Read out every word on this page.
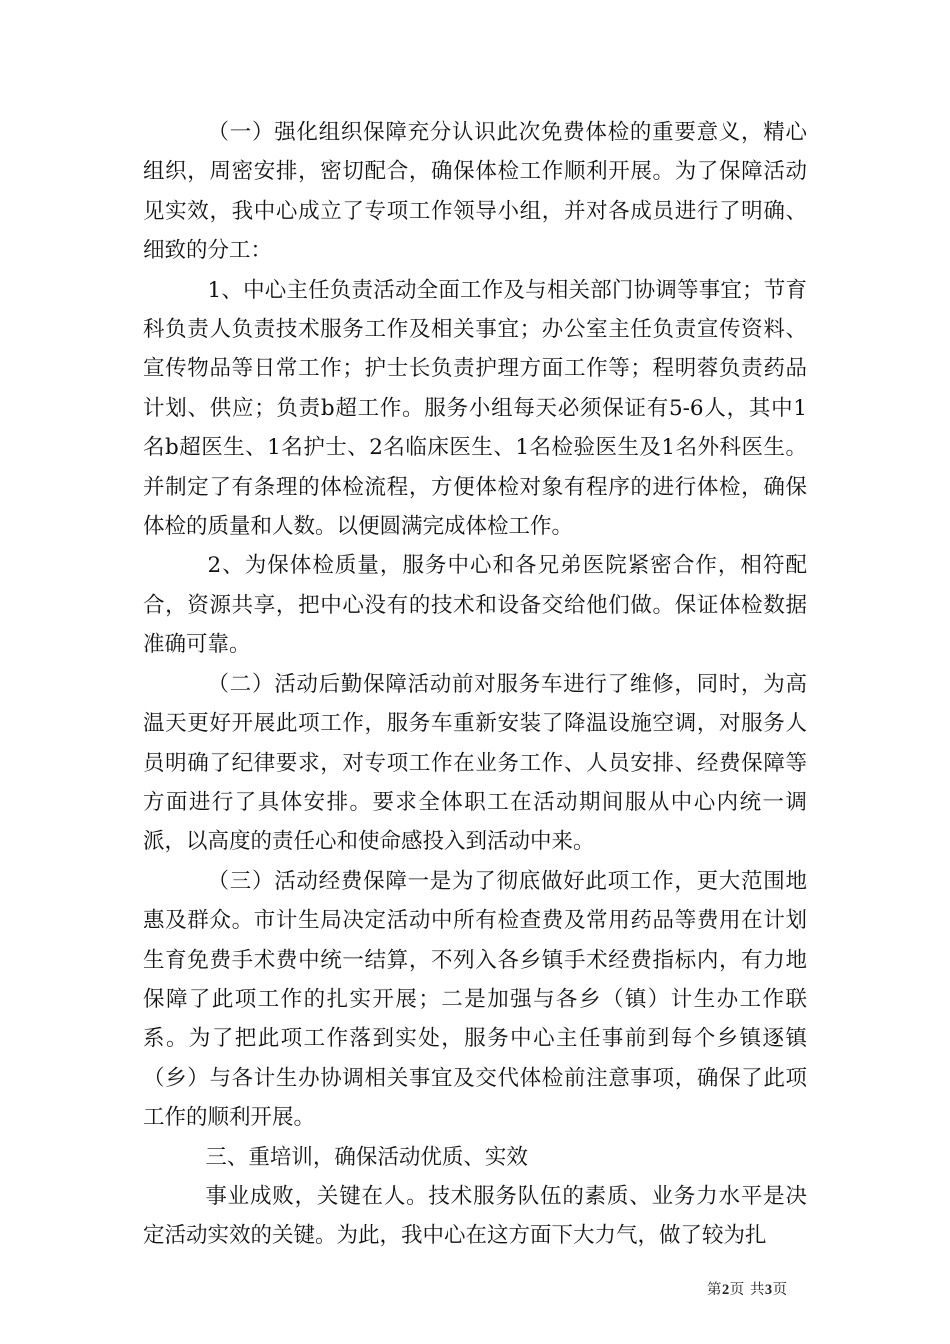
（一）强化组织保障充分认识此次免费体检的重要意义，精心组织，周密安排，密切配合，确保体检工作顺利开展。为了保障活动见实效，我中心成立了专项工作领导小组，并对各成员进行了明确、细致的分工：

1、中心主任负责活动全面工作及与相关部门协调等事宜；节育科负责人负责技术服务工作及相关事宜；办公室主任负责宣传资料、宣传物品等日常工作；护士长负责护理方面工作等；程明蓉负责药品计划、供应；负责b超工作。服务小组每天必须保证有5-6人，其中1名b超医生、1名护士、2名临床医生、1名检验医生及1名外科医生。并制定了有条理的体检流程，方便体检对象有程序的进行体检，确保体检的质量和人数。以便圆满完成体检工作。

2、为保体检质量，服务中心和各兄弟医院紧密合作，相符配合，资源共享，把中心没有的技术和设备交给他们做。保证体检数据准确可靠。

（二）活动后勤保障活动前对服务车进行了维修，同时，为高温天更好开展此项工作，服务车重新安装了降温设施空调，对服务人员明确了纪律要求，对专项工作在业务工作、人员安排、经费保障等方面进行了具体安排。要求全体职工在活动期间服从中心内统一调派，以高度的责任心和使命感投入到活动中来。

（三）活动经费保障一是为了彻底做好此项工作，更大范围地惠及群众。市计生局决定活动中所有检查费及常用药品等费用在计划生育免费手术费中统一结算，不列入各乡镇手术经费指标内，有力地保障了此项工作的扎实开展；二是加强与各乡（镇）计生办工作联系。为了把此项工作落到实处，服务中心主任事前到每个乡镇逐镇（乡）与各计生办协调相关事宜及交代体检前注意事项，确保了此项工作的顺利开展。

三、重培训，确保活动优质、实效

事业成败，关键在人。技术服务队伍的素质、业务力水平是决定活动实效的关键。为此，我中心在这方面下大力气，做了较为扎

第2页 共3页
